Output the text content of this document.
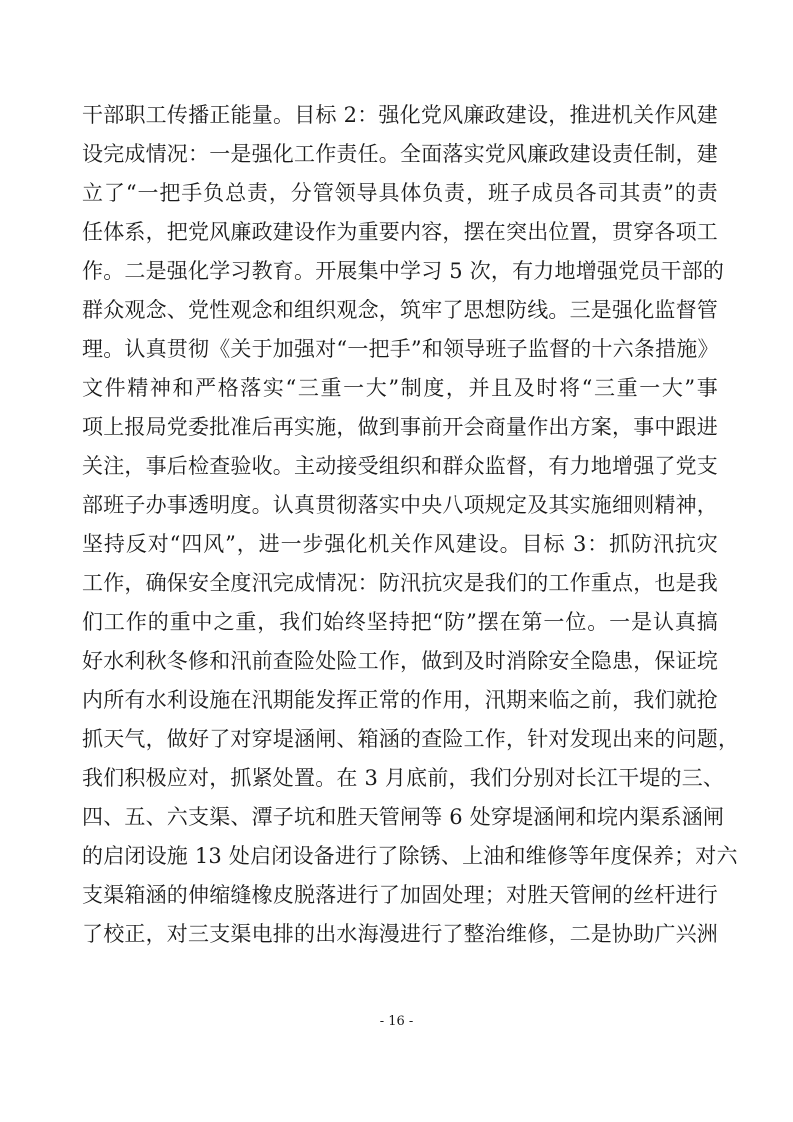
干部职工传播正能量。目标 2：强化党风廉政建设，推进机关作风建
设完成情况：一是强化工作责任。全面落实党风廉政建设责任制，建
立了“一把手负总责，分管领导具体负责，班子成员各司其责”的责
任体系，把党风廉政建设作为重要内容，摆在突出位置，贯穿各项工
作。二是强化学习教育。开展集中学习 5 次，有力地增强党员干部的
群众观念、党性观念和组织观念，筑牢了思想防线。三是强化监督管
理。认真贯彻《关于加强对“一把手”和领导班子监督的十六条措施》
文件精神和严格落实“三重一大”制度，并且及时将“三重一大”事
项上报局党委批准后再实施，做到事前开会商量作出方案，事中跟进
关注，事后检查验收。主动接受组织和群众监督，有力地增强了党支
部班子办事透明度。认真贯彻落实中央八项规定及其实施细则精神，
坚持反对“四风”，进一步强化机关作风建设。目标 3：抓防汛抗灾
工作，确保安全度汛完成情况：防汛抗灾是我们的工作重点，也是我
们工作的重中之重，我们始终坚持把“防”摆在第一位。一是认真搞
好水利秋冬修和汛前查险处险工作，做到及时消除安全隐患，保证垸
内所有水利设施在汛期能发挥正常的作用，汛期来临之前，我们就抢
抓天气，做好了对穿堤涵闸、箱涵的查险工作，针对发现出来的问题，
我们积极应对，抓紧处置。在 3 月底前，我们分别对长江干堤的三、
四、五、六支渠、潭子坑和胜天管闸等 6 处穿堤涵闸和垸内渠系涵闸
的启闭设施 13 处启闭设备进行了除锈、上油和维修等年度保养；对六
支渠箱涵的伸缩缝橡皮脱落进行了加固处理；对胜天管闸的丝杆进行
了校正，对三支渠电排的出水海漫进行了整治维修，二是协助广兴洲
- 16 -
